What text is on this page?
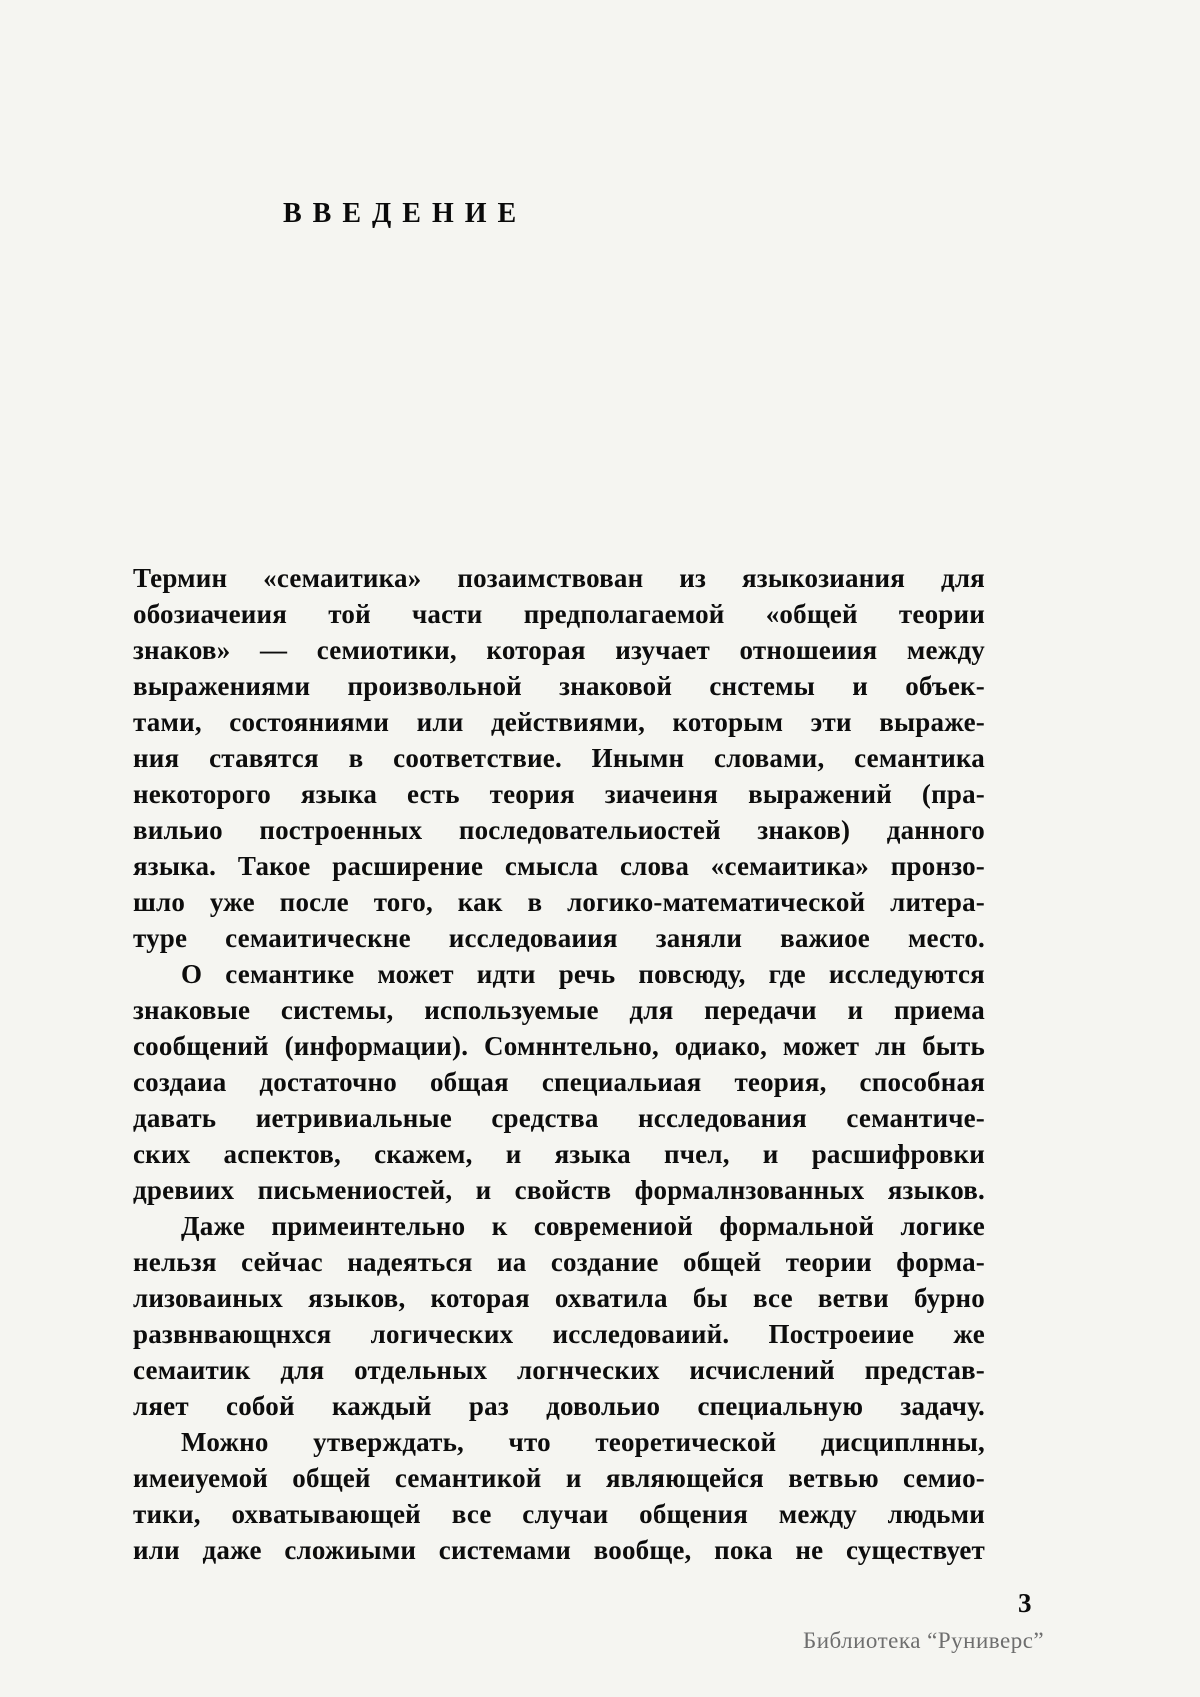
ВВЕДЕНИЕ
Термин «семаитика» позаимствован из языкозиания для
обозиачеиия той части предполагаемой «общей теории
знаков» — семиотики, которая изучает отношеиия между
выражениями произвольной знаковой снстемы и объек-
тами, состояниями или действиями, которым эти выраже-
ния ставятся в соответствие. Инымн словами, семантика
некоторого языка есть теория зиачеиня выражений (пра-
вильио построенных последовательиостей знаков) данного
языка. Такое расширение смысла слова «семаитика» пронзо-
шло уже после того, как в логико-математической литера-
туре семаитическне исследоваиия заняли важиое место.
О семантике может идти речь повсюду, где исследуются
знаковые системы, используемые для передачи и приема
сообщений (информации). Сомннтельно, одиако, может лн быть
создаиа достаточно общая специальиая теория, способная
давать иетривиальные средства нсследования семантиче-
ских аспектов, скажем, и языка пчел, и расшифровки
древиих письмениостей, и свойств формалнзованных языков.
Даже примеинтельно к современиой формальной логике
нельзя сейчас надеяться иа создание общей теории форма-
лизоваиных языков, которая охватила бы все ветви бурно
развнвающнхся логических исследоваиий. Построеиие же
семаитик для отдельных логнческих исчислений представ-
ляет собой каждый раз довольио специальную задачу.
Можно утверждать, что теоретической дисциплнны,
имеиуемой общей семантикой и являющейся ветвью семио-
тики, охватывающей все случаи общения между людьми
или даже сложиыми системами вообще, пока не существует
3
Библиотека “Руниверс”
